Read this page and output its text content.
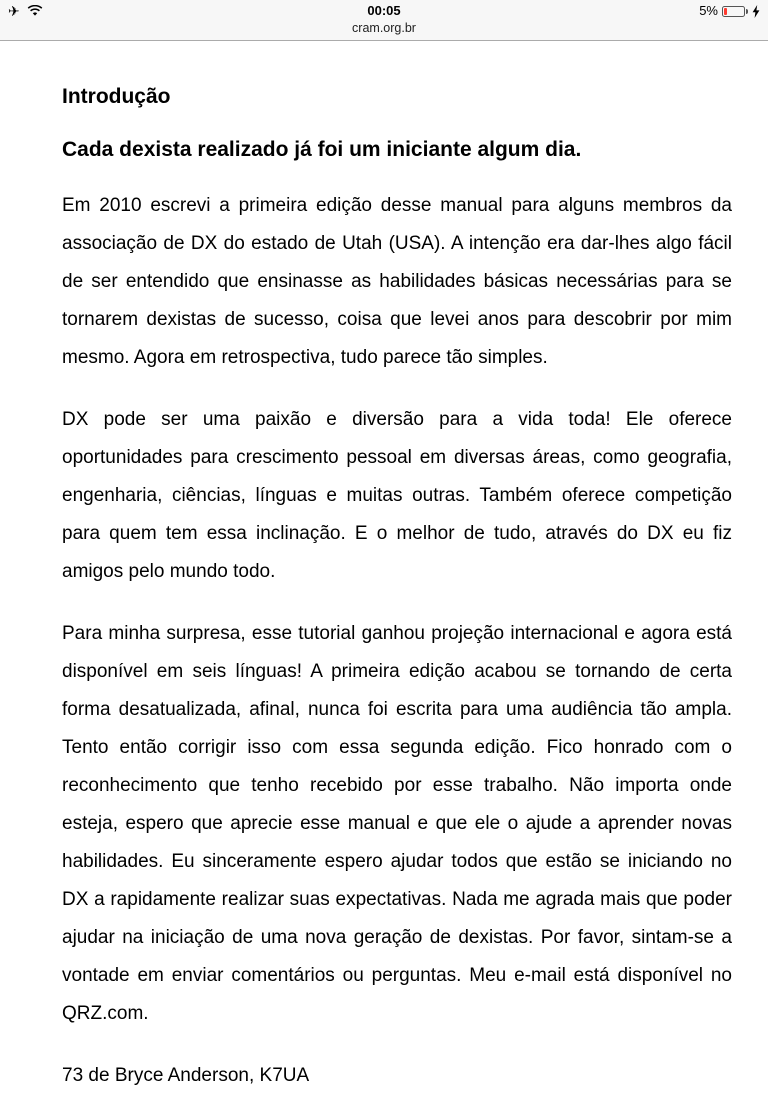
✈	00:05
cram.org.br
5%
Introdução
Cada dexista realizado já foi um iniciante algum dia.

Em 2010 escrevi a primeira edição desse manual para alguns membros da associação de DX do estado de Utah (USA). A intenção era dar-lhes algo fácil de ser entendido que ensinasse as habilidades básicas necessárias para se tornarem dexistas de sucesso, coisa que levei anos para descobrir por mim mesmo. Agora em retrospectiva, tudo parece tão simples.

DX pode ser uma paixão e diversão para a vida toda! Ele oferece oportunidades para crescimento pessoal em diversas áreas, como geografia, engenharia, ciências, línguas e muitas outras. Também oferece competição para quem tem essa inclinação. E o melhor de tudo, através do DX eu fiz amigos pelo mundo todo.

Para minha surpresa, esse tutorial ganhou projeção internacional e agora está disponível em seis línguas! A primeira edição acabou se tornando de certa forma desatualizada, afinal, nunca foi escrita para uma audiência tão ampla. Tento então corrigir isso com essa segunda edição. Fico honrado com o reconhecimento que tenho recebido por esse trabalho. Não importa onde esteja, espero que aprecie esse manual e que ele o ajude a aprender novas habilidades. Eu sinceramente espero ajudar todos que estão se iniciando no DX a rapidamente realizar suas expectativas. Nada me agrada mais que poder ajudar na iniciação de uma nova geração de dexistas. Por favor, sintam-se a vontade em enviar comentários ou perguntas. Meu e-mail está disponível no QRZ.com.

73 de Bryce Anderson, K7UA
